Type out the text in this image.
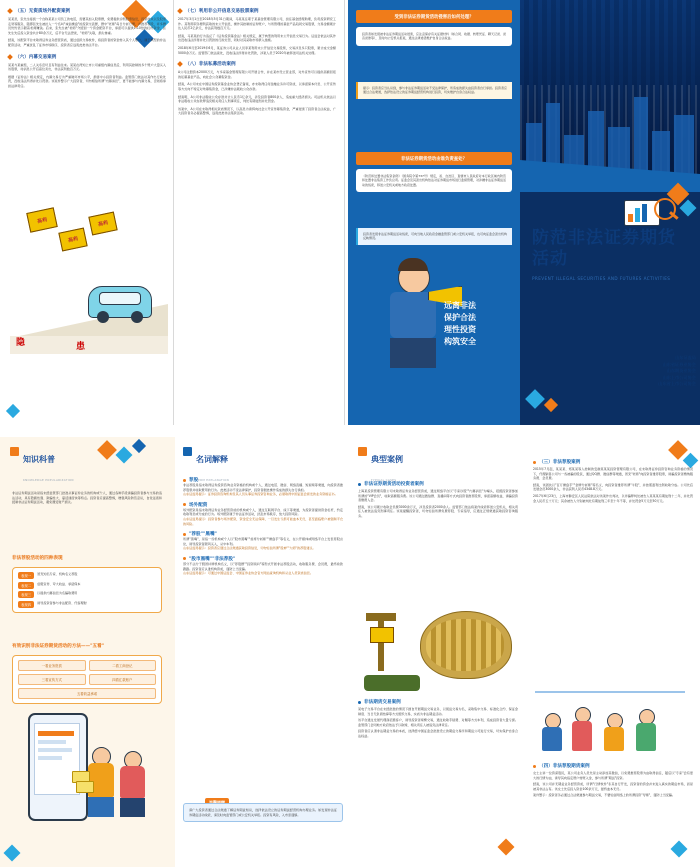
（五）无资质场外配资案例
某某县，张先生接到一个自称某某公司员工的电话，需要其加入股票群，免费提供诊断股票信息，投资技术以及股票走势等服务，随即张先生被拉入一个名叫"诚信操盘"的投资交流群，群中"老师"每日分析行情，并推荐荐股，许多群员纷纷表示跟着老师赚钱。后来，张先生被"老师"介绍到一个资金配资平台，承诺可以提供1-10倍的杠杆资金，张先生先后投入资金共计80余万元，后平台无法登录，"老师"失联，损失惨重。
经查，该配资平台未取得证券业务经营资质，通过虚拟交易软件，将投资者的资金转入其个人账户，属于典型的非法配资活动，严重扰乱了证券市场秩序，投资者应远离此类非法平台。
（六）内幕交易案例
某某与某重组，二人关系密切且有利益往来。某某在得知上市公司重组内幕信息后，利用其控制的多个账户大量买入该股票，待消息公开后高位卖出，非法获利数百万元。
根据《证券法》相关规定，内幕交易行为严重破坏市场公平，损害中小投资者利益。监管部门依法对其作出行政处罚，没收违法所得并处以罚款。该案件警示广大投资者，切勿相信所谓"内幕消息"，更不能参与内幕交易，否则将承担法律责任。
高利
高利
高利
隐	患
（七）利用非公开信息交易股票案例
2017年3月1日至2018年5月31日期间，马某某任职于某基金管理有限公司，担任基金经理助理，负责投资研究工作。其利用职务便利获取的未公开信息，操作其控制的证券账户，与所管理的基金产品趋同交易股票，交易金额累计达人民币2亿余元，非法获利数百万元。
经查，马某某的行为违反了《证券投资基金法》相关规定，属于典型的利用未公开信息交易行为。证监会依法对其作出没收违法所得并处以罚款的行政处罚，同时对其采取市场禁入措施。
2018年6月至2019年6月，某证券公司从业人员李某利用未公开信息交易股票，交易涉及多只股票，累计成交金额5000余万元。监管部门依法查处，没收违法所得并处罚款，涉案人员于2020年被移送司法机关处理。
（八）非法私募活动案例
A公司注册资本2000万元，与多家基金管理有限公司开展合作，并在某市设立营业部，对外宣传可以提供高额回报的私募基金产品，向社会公众募集资金。
经查，A公司未在中国证券投资基金业协会登记备案，亦未取得任何金融业务许可资质，以承诺保本付息、公开宣传等方式向不特定对象募集资金，已涉嫌非法吸收公众存款。
经查明，A公司非法吸收公众存款共计人民币1亿余元，涉及投资者800余人，造成重大经济损失。司法机关依法以非法吸收公众存款罪追究相关责任人刑事责任，判处有期徒刑并处罚金。
该案中，A公司在未取得相关资质情况下，以高息为诱饵向社会公开宣传募集资金，严重侵害了投资者合法权益，广大投资者务必提高警惕，远离此类非法集资活动。
受到非法证券期货活动侵害后如何处理？
投资者如发现被非法证券期货活动侵害，应注意保存有关证据材料（如合同、收据、转账凭证、聊天记录、录音录像等），及时向公安机关报案，通过法律途径维护自身合法权益。
提示：投资者应当认识到，参与非法证券期货活动不受法律保护，所造成的损失由投资者自行承担。投资者应通过合法渠道，选择依法设立的证券期货经营机构进行投资，切实维护自身合法权益。
非法证券期货活动由谁负责查处？
《防范和处置非法集资条例》（国务院令第737号）规定，省、自治区、直辖市人民政府对本行政区域内防范和处置非法集资工作负总责。证监会及其派出机构依法对证券期货市场进行监督管理，对涉嫌非法证券期货活动的线索，移送公安机关或地方政府处置。
投资者发现非法证券期货活动线索，可向当地人民政府金融监管部门或公安机关举报，也可向证监会派出机构反映情况。
远离非法
保护合法
理性投资
构筑安全
防范非法证券期货活动
PREVENT ILLEGAL SECURITIES AND FUTURES ACTIVITIES
山东证监局
山东省证券业协会
山东期货业协会
山东上市公司协会
山东省上市公司协会
知识科普
KNOWLEDGE POPULARIZATION
非法证券期货活动是指未经监管部门批准从事证券业务的机构或个人，通过各种手段诱骗投资者参与交易的违法活动，具有隐蔽性强、欺骗性大、蔓延速度快等特点。投资者应提高警惕，增强风险防范意识，自觉远离和抵制非法证券期货活动，避免遭受财产损失。
非法荐股活动的四种表现
表现一	冒充知名专家、机构名义荐股
表现二	虚假宣传、夸大收益、承诺保本
表现三	以提供内幕信息为名骗取费用
表现四	诱导投资者参与非法配资、代客理财
有效识别非法证券期货活动的方法——"五看"
一看业务资质	二看工商登记
三看宣传方式	四看汇款账户
五看收益承诺
名词解释
TERM EXPLANATION
荐股
非法荐股是指未取得证券投资咨询业务资格的机构或个人，通过电话、微信、网络直播、短视频等渠道，向投资者推荐股票并收取费用的行为。此类活动不受法律保护，投资者据此操作造成的损失自行承担。
山东证监局提示：证券投资咨询机构及其人员从事证券投资咨询业务，必须取得中国证监会颁发的业务资格证书。
场外配资
场外配资是指未取得证券业务经营资质的机构或个人，通过互联网平台、线下等渠道，为投资者提供资金杠杆，约定收取利息或分成的行为。场外配资属于非法证券活动，扰乱市场秩序，放大投资风险。
山东证监局提示：投资者参与场外配资，资金安全无法保障，一旦发生亏损可能血本无归，甚至面临账户被强制平仓的风险。
"荐股""黑嘴"
所谓"黑嘴"，是指一些机构或个人以"股市黑嘴""首席分析师""操盘手"等名义，在公开媒体或网络平台上发表荐股言论，诱导投资者跟风买入，从中牟利。
山东证监局提示：投资者应通过合法渠道获取投资信息，切勿轻信所谓"股神""大师"的荐股建议。
"股市黑嘴""非法荐股"
部分不法分子假冒持牌机构名义，以"荐股群""投资顾问"等形式开展非法荐股活动，收取服务费、会员费，最终卷款跑路。投资者应认准机构资质，谨防上当受骗。
山东证监局提示：可通过中国证监会、中国证券业协会官方网站查询机构和从业人员资质信息。
请广大投资者通过合法渠道了解证券期货知识，选择依法设立的证券期货经营机构办理业务。如发现非法证券期货活动线索，请及时向监管部门或公安机关举报。投资有风险，入市需谨慎。
典型案例
TYPICAL CASES
非法证券期货活动投资者案例
上海某投资管理有限公司未取得证券业务经营资质，通过网络平台以"专家诊股""内幕消息"为噱头，招揽投资者参加所谓的"VIP会员"，收取高额服务费。该公司通过微信群、直播间等方式向投资者推荐股票，承诺高额收益，诱骗投资者缴费入会。
经查，该公司累计收取会员费3000余万元，涉及投资者2000余人。监管部门依法将案件线索移送公安机关，相关责任人被依法追究刑事责任。该案提醒投资者，切勿轻信所谓免费荐股、专家指导，应通过正规渠道获取投资咨询服务。
非法期货交易案例
某电子交易平台在未经批准的情况下擅自开展期货交易业务，以现货交易为名，采取集中交易、标准化合约、保证金制度、当日无负债结算等方式组织交易，实质为非法期货活动。
该平台通过发展代理商招揽客户，诱导投资者频繁交易，通过收取手续费、对赌等方式牟利，造成投资者大量亏损。监管部门会同地方政府依法予以取缔，相关责任人被追究法律责任。
投资者应认清非法期货交易的本质，选择经中国证监会批准设立的期货交易所和期货公司进行交易，切实保护自身合法权益。
（三）非法荐股案例
2015年7月起，某某某、郑某某等人控制的安徽某某某投资管理有限公司，在未取得证券投资咨询业务资格的情况下，代理销售公司与一些被骗的股民，通过QQ群、微信群等渠道，冒充"老师"向投资者推荐股票，诱骗投资者缴纳服务费、会员费。
经查，该团伙以"百万操盘手""金牌分析师"等名义，向投资者推荐所谓"牛股"，并按照盈利比例收取分成。公司先后发展会员3000余人，非法获利人民币4348.8万元。
2017年6月23日，上海市静安区人民法院依法对该案作出判决，以诈骗罪判处被告人某某某有期徒刑十二年，并处罚金人民币五十万元；其余被告人分别被判处有期徒刑三年至十年不等，并处罚金5万元至50万元。
（四）非法荐股期货案例
女士主讲一位资深股民，某公司业务人员先是主动添加其微信，以免费推荐股票为由取得信任，随后以"专家"会有更大的行情为由，诱导其向指定账户转账入金，参与所谓"期货"投资。
经查，该公司并无期货业务经营资质，所谓"行情软件"系其自行开发，投资者的资金并未进入真实的期货市场，而是被其非法占有。该女士先后投入资金100余万元，最终血本无归。
案件警示：投资者务必通过合法渠道参与期货交易，不要轻信网络上的所谓投资"导师"，谨防上当受骗。
